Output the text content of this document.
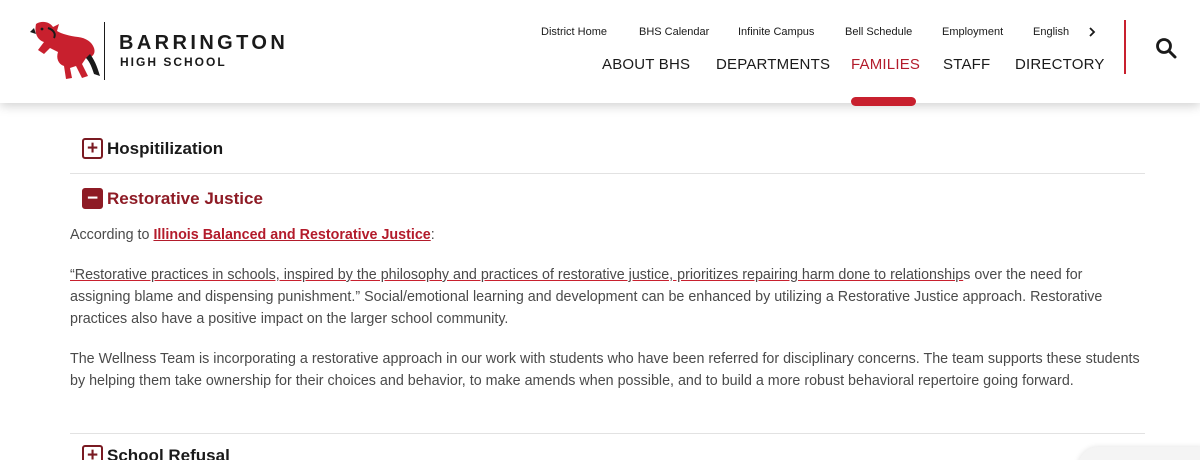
BARRINGTON
HIGH SCHOOL
District Home	BHS Calendar	Infinite Campus	Bell Schedule	Employment	English
ABOUT BHS DEPARTMENTS FAMILIES STAFF DIRECTORY
+ Hospitilization
− Restorative Justice

According to Illinois Balanced and Restorative Justice:

“Restorative practices in schools, inspired by the philosophy and practices of restorative justice, prioritizes repairing harm done to relationships over the need for assigning blame and dispensing punishment.” Social/emotional learning and development can be enhanced by utilizing a Restorative Justice approach. Restorative practices also have a positive impact on the larger school community.

The Wellness Team is incorporating a restorative approach in our work with students who have been referred for disciplinary concerns. The team supports these students by helping them take ownership for their choices and behavior, to make amends when possible, and to build a more robust behavioral repertoire going forward.

+ School Refusal
